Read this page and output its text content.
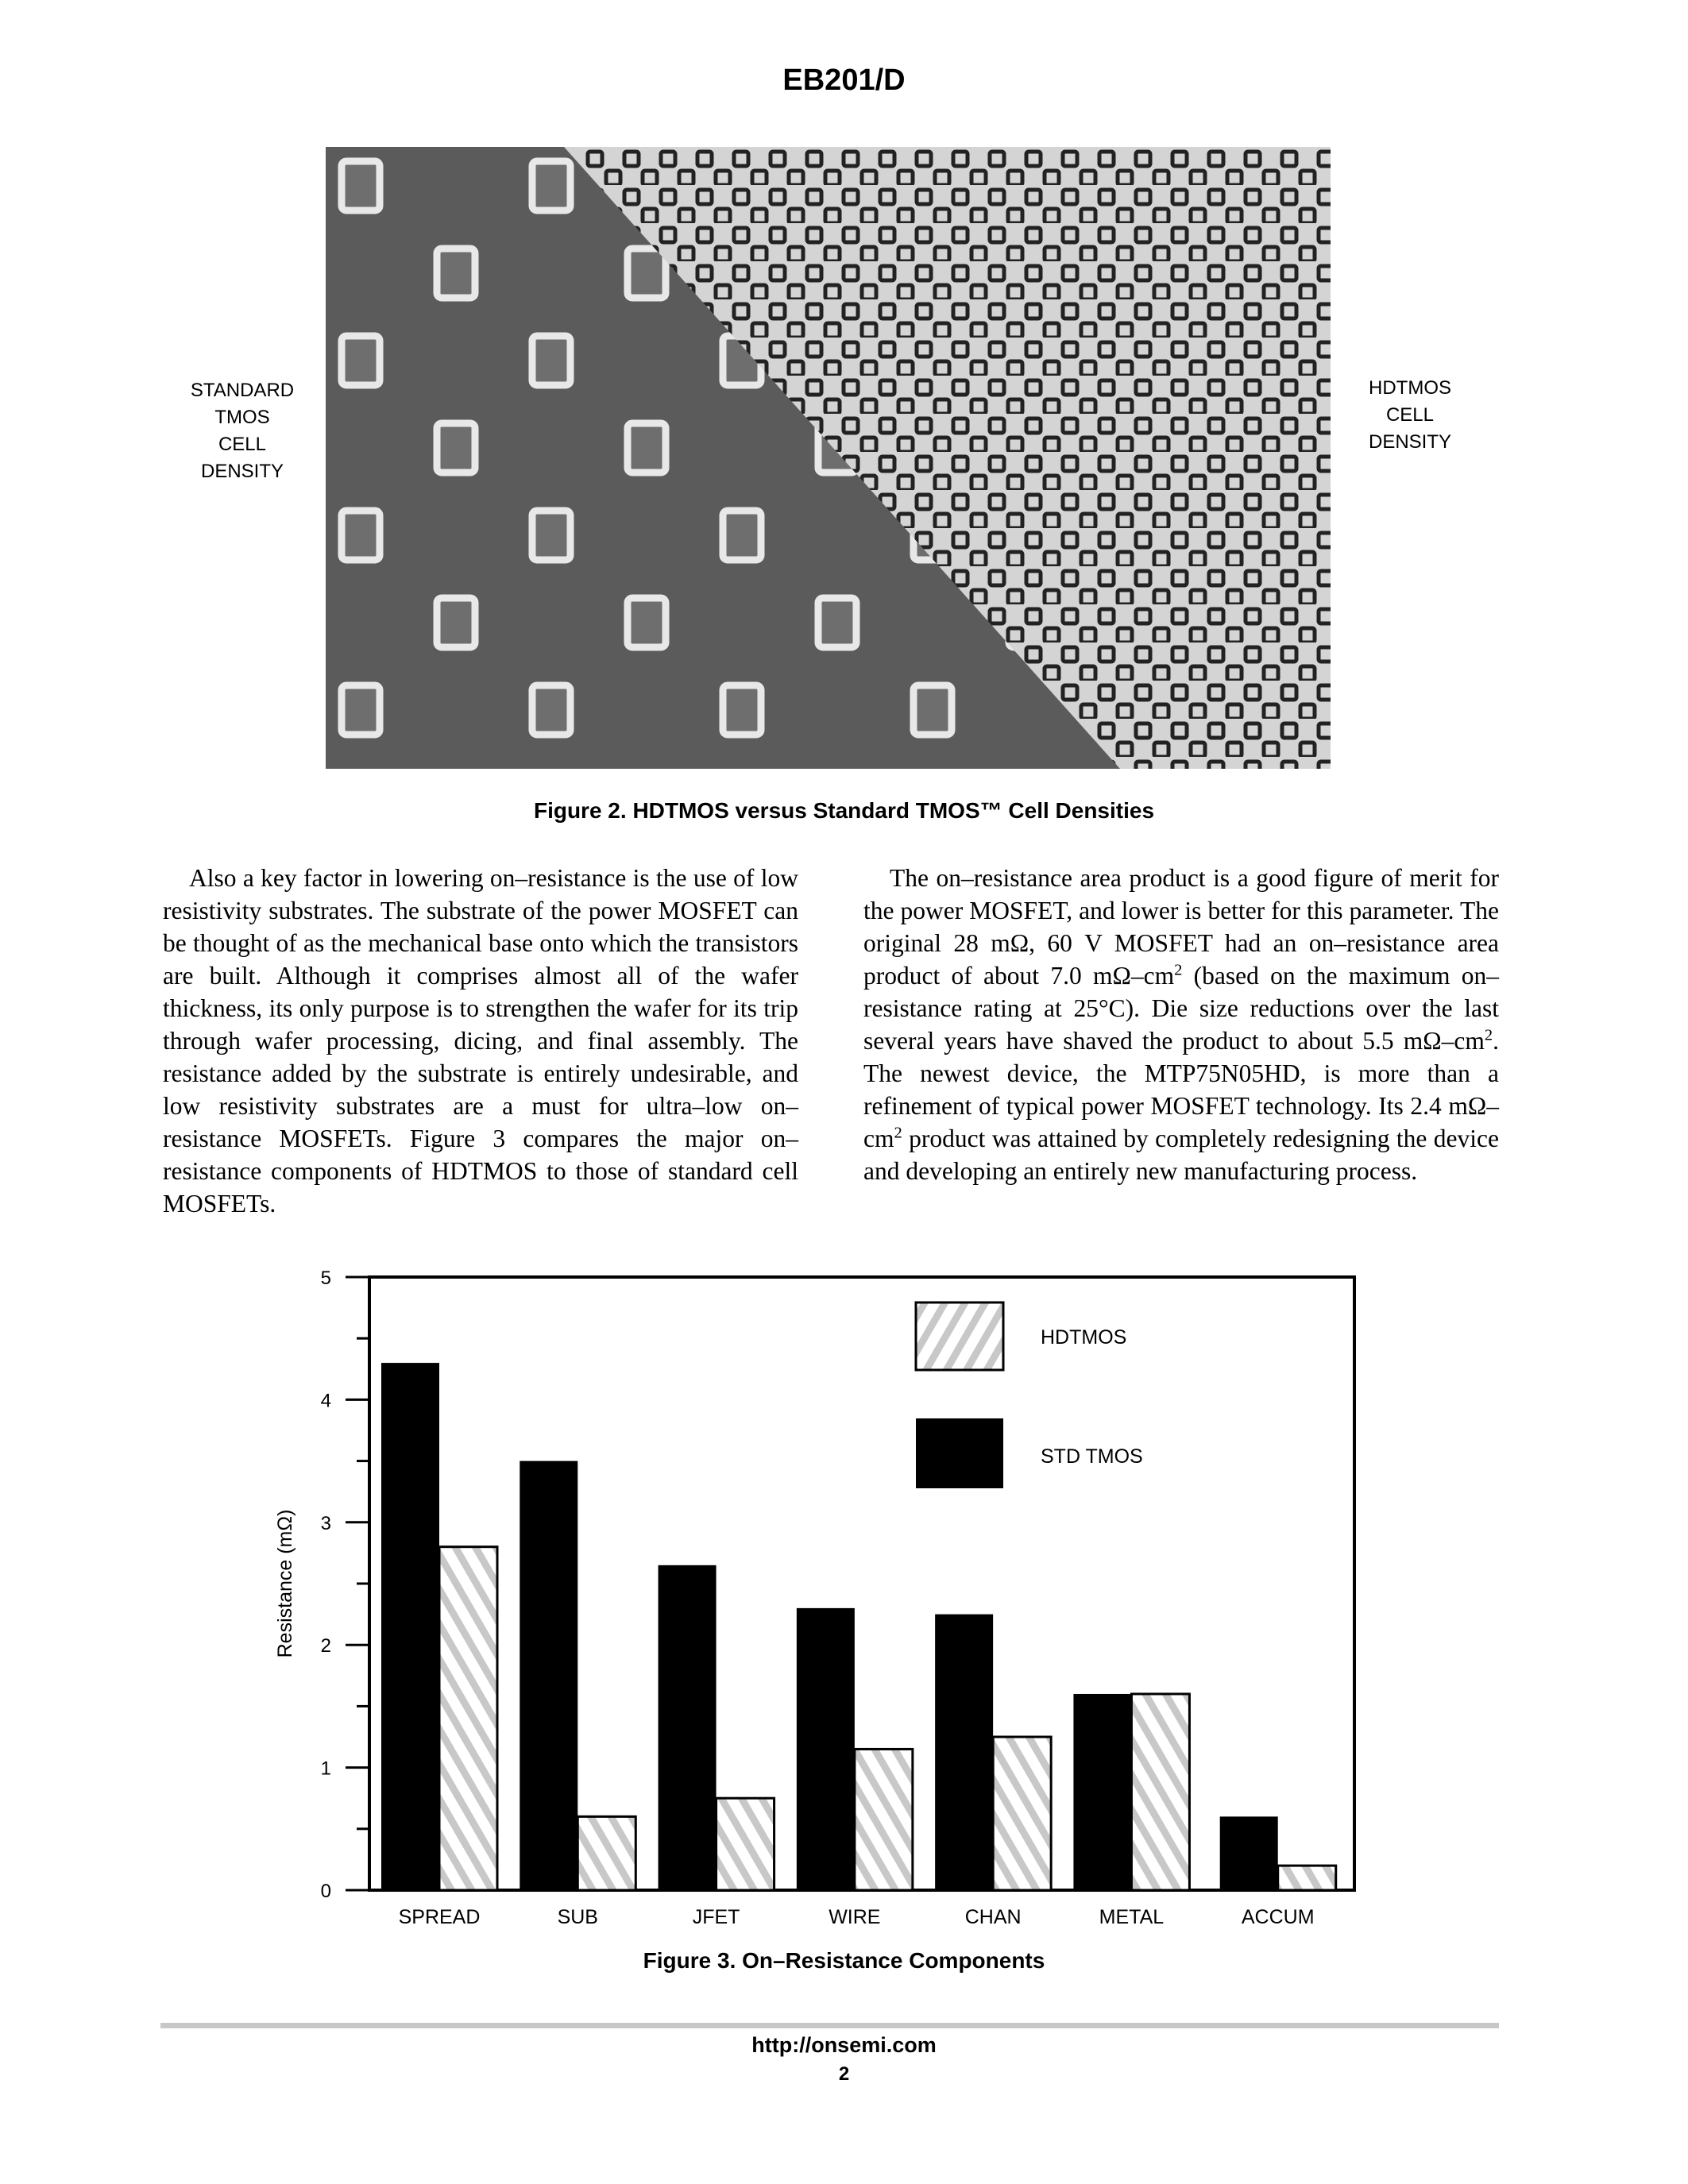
EB201/D
STANDARD
TMOS
CELL
DENSITY
HDTMOS
CELL
DENSITY
Figure 2. HDTMOS versus Standard TMOS™ Cell Densities

Also a key factor in lowering on–resistance is the use of low resistivity substrates. The substrate of the power MOSFET can be thought of as the mechanical base onto which the transistors are built. Although it comprises almost all of the wafer thickness, its only purpose is to strengthen the wafer for its trip through wafer processing, dicing, and final assembly. The resistance added by the substrate is entirely undesirable, and low resistivity substrates are a must for ultra–low on–resistance MOSFETs. Figure 3 compares the major on–resistance components of HDTMOS to those of standard cell MOSFETs.

The on–resistance area product is a good figure of merit for the power MOSFET, and lower is better for this parameter. The original 28 mΩ, 60 V MOSFET had an on–resistance area product of about 7.0 $m\Omega-cm^2$ (based on the maximum on–resistance rating at 25°C). Die size reductions over the last several years have shaved the product to about 5.5 $m\Omega-cm^2$. The newest device, the MTP75N05HD, is more than a refinement of typical power MOSFET technology. Its 2.4 $m\Omega-cm^2$ product was attained by completely redesigning the device and developing an entirely new manufacturing process.

0
1
2
3
4
5
Resistance (mΩ)
SPREAD	SUB	JFET	WIRE	CHAN	METAL	ACCUM
HDTMOS
STD TMOS
Figure 3. On–Resistance Components
http://onsemi.com
2
